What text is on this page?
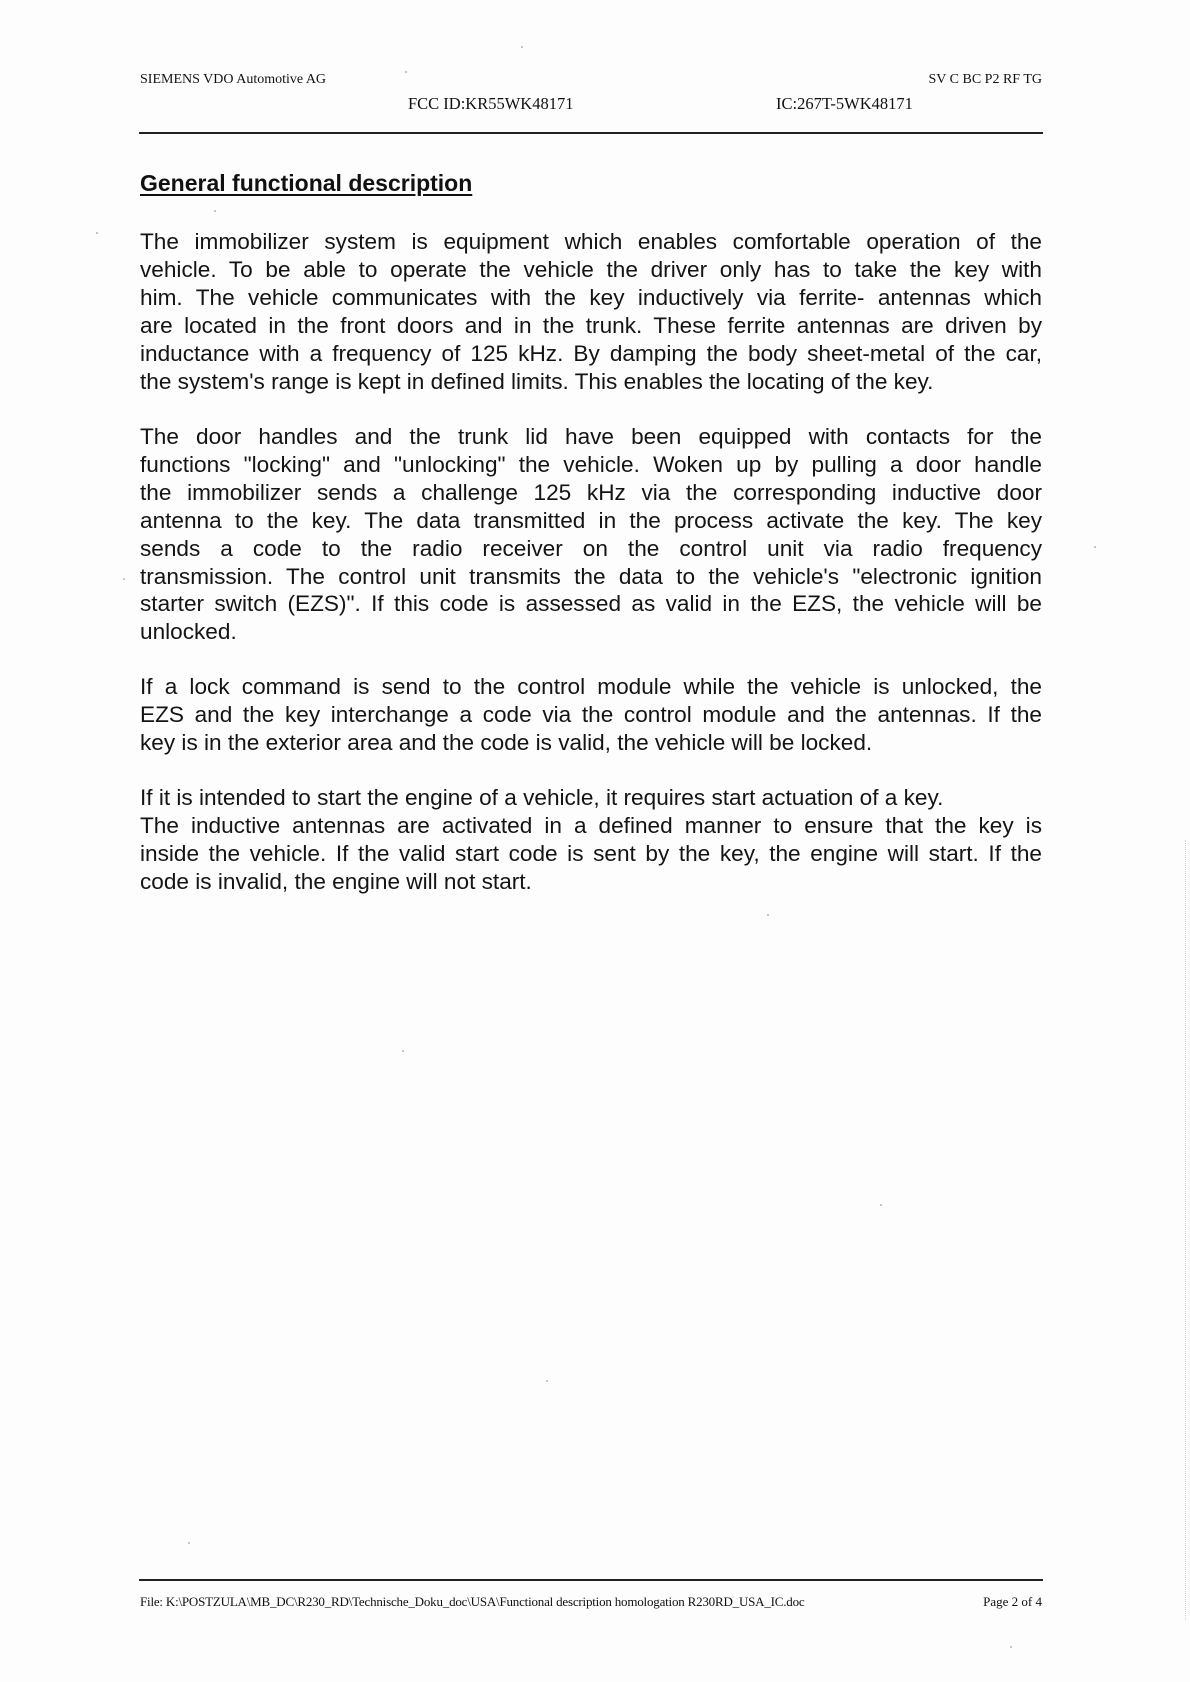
SIEMENS VDO Automotive AG
FCC ID:KR55WK48171
SV C BC P2 RF TG
IC:267T-5WK48171
General functional description
The immobilizer system is equipment which enables comfortable operation of the
vehicle. To be able to operate the vehicle the driver only has to take the key with
him. The vehicle communicates with the key inductively via ferrite- antennas which
are located in the front doors and in the trunk. These ferrite antennas are driven by
inductance with a frequency of 125 kHz. By damping the body sheet-metal of the car,
the system's range is kept in defined limits. This enables the locating of the key.
The door handles and the trunk lid have been equipped with contacts for the
functions "locking" and "unlocking" the vehicle. Woken up by pulling a door handle
the immobilizer sends a challenge 125 kHz via the corresponding inductive door
antenna to the key. The data transmitted in the process activate the key. The key
sends a code to the radio receiver on the control unit via radio frequency
transmission. The control unit transmits the data to the vehicle's "electronic ignition
starter switch (EZS)". If this code is assessed as valid in the EZS, the vehicle will be
unlocked.
If a lock command is send to the control module while the vehicle is unlocked, the
EZS and the key interchange a code via the control module and the antennas. If the
key is in the exterior area and the code is valid, the vehicle will be locked.
If it is intended to start the engine of a vehicle, it requires start actuation of a key.
The inductive antennas are activated in a defined manner to ensure that the key is
inside the vehicle. If the valid start code is sent by the key, the engine will start. If the
code is invalid, the engine will not start.
File: K:\POSTZULA\MB_DC\R230_RD\Technische_Doku_doc\USA\Functional description homologation R230RD_USA_IC.doc	Page 2 of 4
